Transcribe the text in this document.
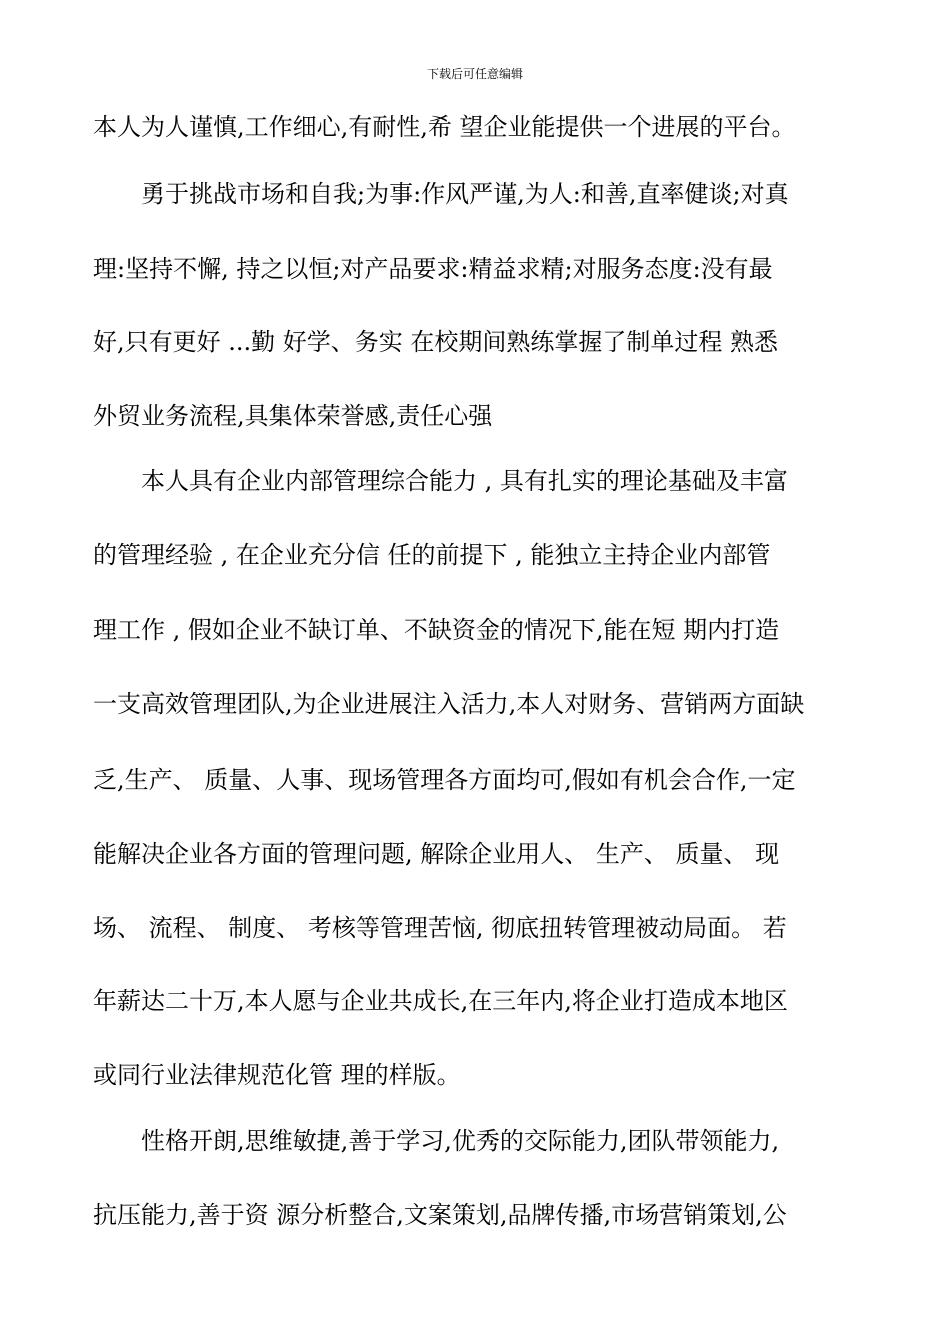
下载后可任意编辑
本人为人谨慎,工作细心,有耐性,希 望企业能提供一个进展的平台。
勇于挑战市场和自我;为事:作风严谨,为人:和善,直率健谈;对真
理:坚持不懈, 持之以恒;对产品要求:精益求精;对服务态度:没有最
好,只有更好 ...勤 好学、务实 在校期间熟练掌握了制单过程 熟悉
外贸业务流程,具集体荣誉感,责任心强
本人具有企业内部管理综合能力 , 具有扎实的理论基础及丰富
的管理经验 , 在企业充分信 任的前提下 , 能独立主持企业内部管
理工作 , 假如企业不缺订单、不缺资金的情况下,能在短 期内打造
一支高效管理团队,为企业进展注入活力,本人对财务、营销两方面缺
乏,生产、 质量、人事、现场管理各方面均可,假如有机会合作,一定
能解决企业各方面的管理问题, 解除企业用人、 生产、 质量、 现
场、 流程、 制度、 考核等管理苦恼, 彻底扭转管理被动局面。 若
年薪达二十万,本人愿与企业共成长,在三年内,将企业打造成本地区
或同行业法律规范化管 理的样版。
性格开朗,思维敏捷,善于学习,优秀的交际能力,团队带领能力,
抗压能力,善于资 源分析整合,文案策划,品牌传播,市场营销策划,公
